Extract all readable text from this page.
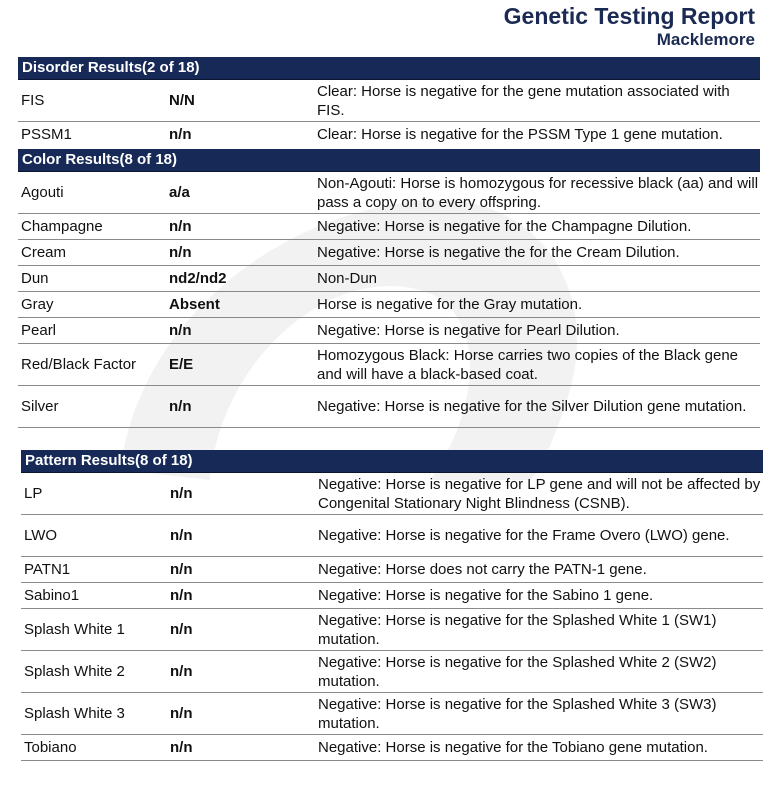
Genetic Testing Report
Macklemore
Disorder Results(2 of 18)
FIS	N/N
Clear: Horse is negative for the gene mutation associated with FIS.
PSSM1	n/n	Clear: Horse is negative for the PSSM Type 1 gene mutation.
Color Results(8 of 18)
Agouti	a/a
Non-Agouti: Horse is homozygous for recessive black (aa) and will pass a copy on to every offspring.
Champagne	n/n	Negative: Horse is negative for the Champagne Dilution.
Cream	n/n	Negative: Horse is negative the for the Cream Dilution.
Dun	nd2/nd2	Non-Dun
Gray	Absent	Horse is negative for the Gray mutation.
Pearl	n/n	Negative: Horse is negative for Pearl Dilution.
Red/Black Factor	E/E
Homozygous Black: Horse carries two copies of the Black gene and will have a black-based coat.
Silver	n/n	Negative: Horse is negative for the Silver Dilution gene mutation.
Pattern Results(8 of 18)
LP	n/n
Negative: Horse is negative for LP gene and will not be affected by Congenital Stationary Night Blindness (CSNB).
LWO	n/n	Negative: Horse is negative for the Frame Overo (LWO) gene.
PATN1	n/n	Negative: Horse does not carry the PATN-1 gene.
Sabino1	n/n	Negative: Horse is negative for the Sabino 1 gene.
Splash White 1	n/n
Negative: Horse is negative for the Splashed White 1 (SW1) mutation.
Splash White 2	n/n
Negative: Horse is negative for the Splashed White 2 (SW2) mutation.
Splash White 3	n/n
Negative: Horse is negative for the Splashed White 3 (SW3) mutation.
Tobiano	n/n	Negative: Horse is negative for the Tobiano gene mutation.
